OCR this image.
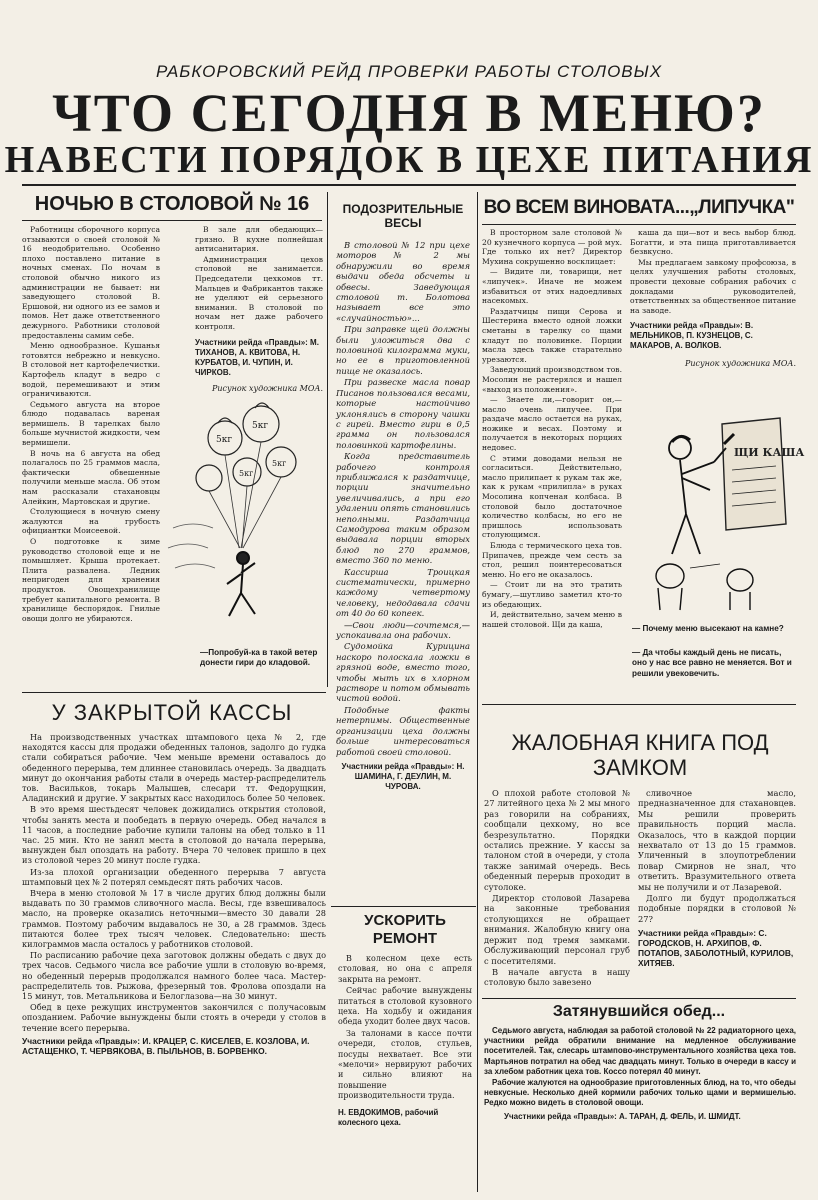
РАБКОРОВСКИЙ РЕЙД ПРОВЕРКИ РАБОТЫ СТОЛОВЫХ
ЧТО СЕГОДНЯ В МЕНЮ?
НАВЕСТИ ПОРЯДОК В ЦЕХЕ ПИТАНИЯ
НОЧЬЮ В СТОЛОВОЙ № 16

Работницы сборочного корпуса отзываются о своей столовой № 16 неодобрительно. Особенно плохо поставлено питание в ночных сменах. По ночам в столовой обычно никого из администрации не бывает: ни заведующего столовой В. Ершовой, ни одного из ее замов и помов. Нет даже ответственного дежурного. Работники столовой предоставлены самим себе.

Меню однообразное. Кушанья готовятся небрежно и невкусно. В столовой нет картофелечистки. Картофель кладут в ведро с водой, перемешивают и этим ограничиваются.

Седьмого августа на второе блюдо подавалась вареная вермишель. В тарелках было больше мучнистой жидкости, чем вермишели.

В ночь на 6 августа на обед полагалось по 25 граммов масла, фактически обвешенные получили меньше масла. Об этом нам рассказали стахановцы Алейкин, Мартовская и другие.

Столующиеся в ночную смену жалуются на грубость официантки Моисеевой.

О подготовке к зиме руководство столовой еще и не помышляет. Крыша протекает. Плита развалена. Ледник непригоден для хранения продуктов. Овощехранилище требует капитального ремонта. В хранилище беспорядок. Гнилые овощи долго не убираются.

В зале для обедающих—грязно. В кухне полнейшая антисанитария.

Администрация цехов столовой не занимается. Председатели цехкомов тт. Мальцев и Фабрикантов также не уделяют ей серьезного внимания. В столовой по ночам нет даже рабочего контроля.

Участники рейда «Правды»: М. ТИХАНОВ, А. КВИТОВА, Н. КУРБАТОВ, И. ЧУПИН, И. ЧИРКОВ.
Рисунок художника МОА.
5кг
5кг
5кг
5кг
—Попробуй-ка в такой ветер донести гири до кладовой.
ПОДОЗРИТЕЛЬНЫЕ ВЕСЫ

В столовой № 12 при цехе моторов № 2 мы обнаружили во время выдачи обеда обсчеты и обвесы. Заведующая столовой т. Болотова называет все это «случайностью»...

При заправке щей должны были уложиться два с половиной килограмма муки, но ее в приготовленной пище не оказалось.

При развеске масла повар Писанов пользовался весами, которые настойчиво уклонялись в сторону чашки с гирей. Вместо гири в 0,5 грамма он пользовался половинкой картофелины.

Когда представитель рабочего контроля приближался к раздатчице, порции значительно увеличивались, а при его удалении опять становились неполными. Раздатчица Самодурова таким образом выдавала порции вторых блюд по 270 граммов, вместо 360 по меню.

Кассирша Троицкая систематически, примерно каждому четвертому человеку, недодавала сдачи от 40 до 60 копеек.

—Свои люди—сочтемся,—успокаивала она рабочих.

Судомойка Курицина наскоро полоскала ложки в грязной воде, вместо того, чтобы мыть их в хлорном растворе и потом обмывать чистой водой.

Подобные факты нетерпимы. Общественные организации цеха должны больше интересоваться работой своей столовой.

Участники рейда «Правды»: Н. ШАМИНА, Г. ДЕУЛИН, М. ЧУРОВА.
УСКОРИТЬ РЕМОНТ

В колесном цехе есть столовая, но она с апреля закрыта на ремонт.

Сейчас рабочие вынуждены питаться в столовой кузовного цеха. На ходьбу и ожидания обеда уходит более двух часов.

За талонами в кассе почти очереди, столов, стульев, посуды нехватает. Все эти «мелочи» нервируют рабочих и сильно влияют на повышение производительности труда.

Н. ЕВДОКИМОВ, рабочий колесного цеха.
ВО ВСЕМ ВИНОВАТА...„ЛИПУЧКА"

В просторном зале столовой № 20 кузнечного корпуса — рой мух. Где только их нет? Директор Мухина сокрушенно восклицает:

— Видите ли, товарищи, нет «липучек». Иначе не можем избавиться от этих надоедливых насекомых.

Раздатчицы пищи Серова и Шестерина вместо одной ложки сметаны в тарелку со щами кладут по половинке. Порции масла здесь также старательно урезаются.

Заведующий производством тов. Мосолин не растерялся и нашел «выход из положения».

— Знаете ли,—говорит он,— масло очень липучее. При раздаче масло остается на руках, ножике и весах. Поэтому и получается в некоторых порциях недовес.

С этими доводами нельзя не согласиться. Действительно, масло прилипает к рукам так же, как к рукам «прилипла» в руках Мосолина копченая колбаса. В столовой было достаточное количество колбасы, но его не пришлось использовать столующимся.

Блюда с термического цеха тов. Припачев, прежде чем сесть за стол, решил поинтересоваться меню. Но его не оказалось.

— Стоит ли на это тратить бумагу,—шутливо заметил кто-то из обедающих.

И, действительно, зачем меню в нашей столовой. Щи да каша,

каша да щи—вот и весь выбор блюд. Богатти, и эта пища приготавливается безвкусно.

Мы предлагаем завкому профсоюза, в целях улучшения работы столовых, провести цеховые собрания рабочих с докладами руководителей, ответственных за общественное питание на заводе.

Участники рейда «Правды»: В. МЕЛЬНИКОВ, П. КУЗНЕЦОВ, С. МАКАРОВ, А. ВОЛКОВ.
Рисунок художника МОА.
ЩИ КАША
— Почему меню высекают на камне?
— Да чтобы каждый день не писать, оно у нас все равно не меняется. Вот и решили увековечить.
У ЗАКРЫТОЙ КАССЫ

На производственных участках штампового цеха № 2, где находятся кассы для продажи обеденных талонов, задолго до гудка стали собираться рабочие. Чем меньше времени оставалось до обеденного перерыва, тем длиннее становилась очередь. За двадцать минут до окончания работы стали в очередь мастер-распределитель тов. Васильков, токарь Малышев, слесари тт. Федорущкин, Аладинский и другие. У закрытых касс находилось более 50 человек.

В это время шестьдесят человек дожидались открытия столовой, чтобы занять места и пообедать в первую очередь. Обед начался в 11 часов, а последние рабочие купили талоны на обед только в 11 час. 25 мин. Кто не занял места в столовой до начала перерыва, вынужден был опоздать на работу. Вчера 70 человек пришло в цех из столовой через 20 минут после гудка.

Из-за плохой организации обеденного перерыва 7 августа штамповый цех № 2 потерял семьдесят пять рабочих часов.

Вчера в меню столовой № 17 в числе других блюд должны были выдавать по 30 граммов сливочного масла. Весы, где взвешивалось масло, на проверке оказались неточными—вместо 30 давали 28 граммов. Поэтому рабочим выдавалось не 30, а 28 граммов. Здесь питаются более трех тысяч человек. Следовательно: шесть килограммов масла осталось у работников столовой.

По расписанию рабочие цеха заготовок должны обедать с двух до трех часов. Седьмого числа все рабочие ушли в столовую во-время, но обеденный перерыв продолжался намного более часа. Мастер-распределитель тов. Рыжова, фрезерный тов. Фролова опоздали на 15 минут, тов. Метальникова и Белоглазова—на 30 минут.

Обед в цехе режущих инструментов закончился с получасовым опозданием. Рабочие вынуждены были стоять в очереди у столов в течение всего перерыва.

Участники рейда «Правды»: И. КРАЦЕР, С. КИСЕЛЕВ, Е. КОЗЛОВА, И. АСТАЩЕНКО, Т. ЧЕРВЯКОВА, В. ПЫЛЬНОВ, В. БОРВЕНКО.
ЖАЛОБНАЯ КНИГА ПОД ЗАМКОМ

О плохой работе столовой № 27 литейного цеха № 2 мы много раз говорили на собраниях, сообщали цехкому, но все безрезультатно. Порядки остались прежние. У кассы за талоном стой в очереди, у стола также занимай очередь. Весь обеденный перерыв проходит в сутолоке.

Директор столовой Лазарева на законные требования столующихся не обращает внимания. Жалобную книгу она держит под тремя замками. Обслуживающий персонал груб с посетителями.

В начале августа в нашу столовую было завезено

сливочное масло, предназначенное для стахановцев. Мы решили проверить правильность порций масла. Оказалось, что в каждой порции нехватало от 13 до 15 граммов. Уличенный в злоупотреблении повар Смирнов не знал, что ответить. Вразумительного ответа мы не получили и от Лазаревой.

Долго ли будут продолжаться подобные порядки в столовой № 27?

Участники рейда «Правды»: С. ГОРОДСКОВ, Н. АРХИПОВ, Ф. ПОТАПОВ, ЗАБОЛОТНЫЙ, КУРИЛОВ, ХИТЯЕВ.
Затянувшийся обед...

Седьмого августа, наблюдая за работой столовой № 22 радиаторного цеха, участники рейда обратили внимание на медленное обслуживание посетителей. Так, слесарь штампово-инструментального хозяйства цеха тов. Мартьянов потратил на обед час двадцать минут. Только в очереди в кассу и за хлебом работник цеха тов. Коссо потерял 40 минут.

Рабочие жалуются на однообразие приготовленных блюд, на то, что обеды невкусные. Несколько дней кормили рабочих только щами и вермишелью. Редко можно видеть в столовой овощи.

Участники рейда «Правды»: А. ТАРАН, Д. ФЕЛЬ, И. ШМИДТ.
